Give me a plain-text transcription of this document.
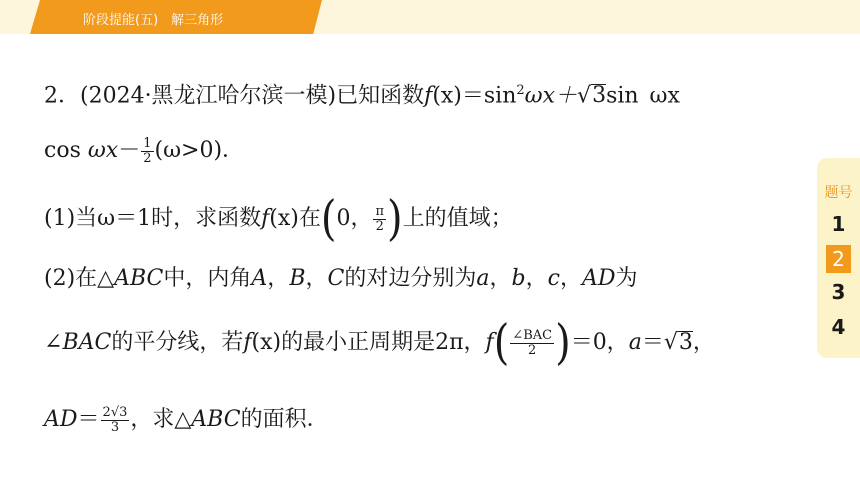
阶段提能(五)　解三角形
2．(2024·黑龙江哈尔滨一模)已知函数$f(x)=\sin^2\omega x+√3\sin$ ωx
$\cos \omega x- \frac{1}{2} (\omega>0)$．
(1)当ω＝1时，求函数f(x)在(0， $\frac{\pi}{2}$ )上的值域；
(2)在△ABC中，内角A，B，C的对边分别为a，b，c，AD为
∠BAC的平分线，若f(x)的最小正周期是2π，$f( \frac{\text{∠BAC}}{2} )=0$，a＝√3，
$AD= \frac{2√3}{3}$ ，求△ABC的面积．
题号
1
2
3
4
